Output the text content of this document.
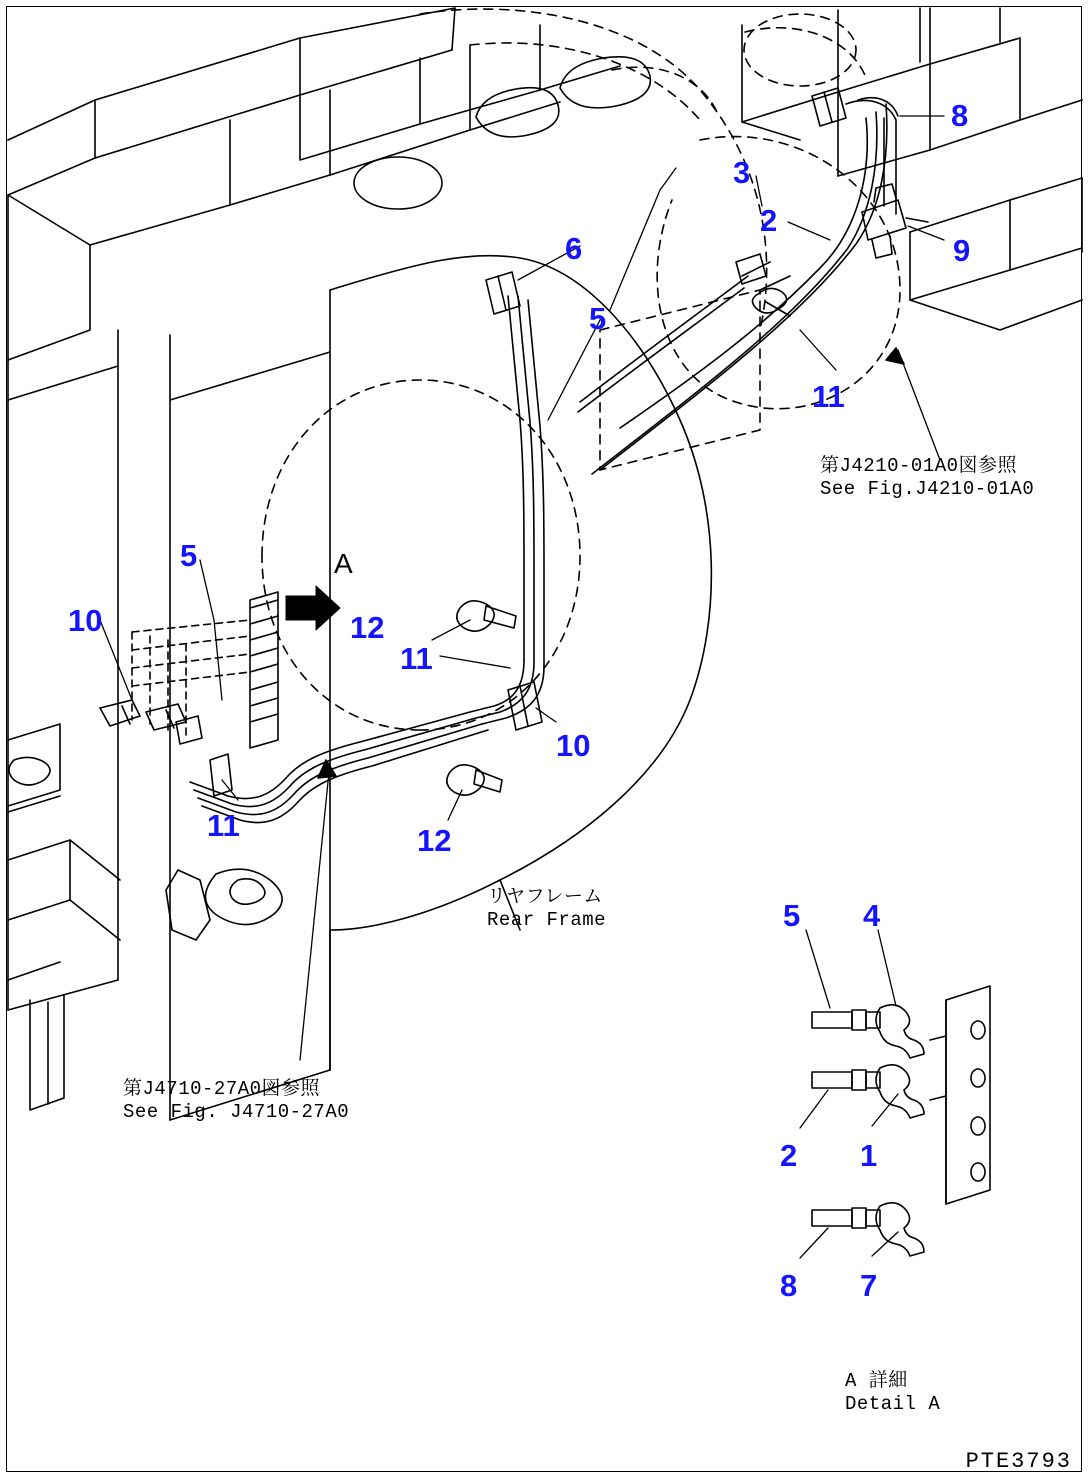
8
3
2
9
6
5
11
5
10	12
11
10
11	12
5 4
2 1
8 7
A
第J4210-01A0図参照
See Fig.J4210-01A0
第J4710-27A0図参照
See Fig. J4710-27A0
リヤフレーム
Rear Frame
A 詳細
Detail A
PTE3793
